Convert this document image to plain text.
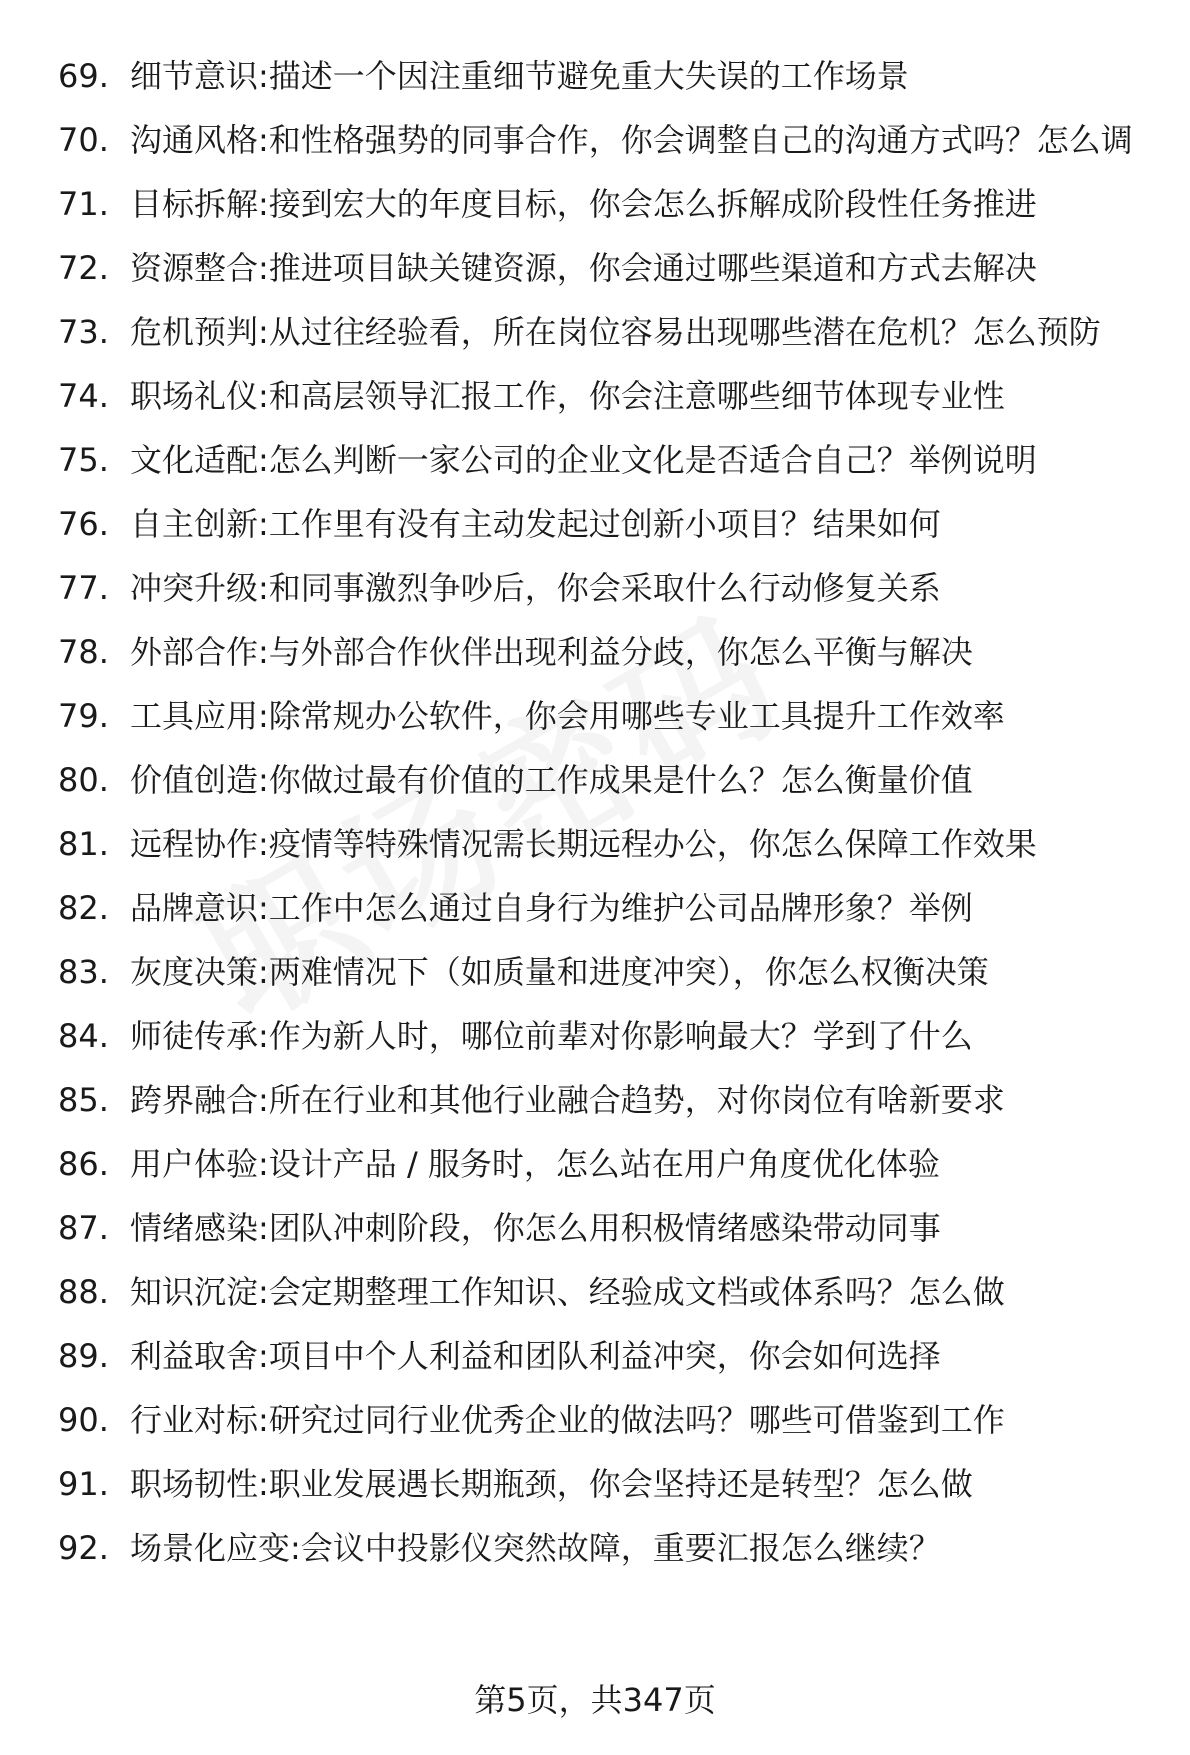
69. 细节意识:描述一个因注重细节避免重大失误的工作场景
70. 沟通风格:和性格强势的同事合作，你会调整自己的沟通方式吗？怎么调
71. 目标拆解:接到宏大的年度目标，你会怎么拆解成阶段性任务推进
72. 资源整合:推进项目缺关键资源，你会通过哪些渠道和方式去解决
73. 危机预判:从过往经验看，所在岗位容易出现哪些潜在危机？怎么预防
74. 职场礼仪:和高层领导汇报工作，你会注意哪些细节体现专业性
75. 文化适配:怎么判断一家公司的企业文化是否适合自己？举例说明
76. 自主创新:工作里有没有主动发起过创新小项目？结果如何
77. 冲突升级:和同事激烈争吵后，你会采取什么行动修复关系
78. 外部合作:与外部合作伙伴出现利益分歧，你怎么平衡与解决
79. 工具应用:除常规办公软件，你会用哪些专业工具提升工作效率
80. 价值创造:你做过最有价值的工作成果是什么？怎么衡量价值
81. 远程协作:疫情等特殊情况需长期远程办公，你怎么保障工作效果
82. 品牌意识:工作中怎么通过自身行为维护公司品牌形象？举例
83. 灰度决策:两难情况下（如质量和进度冲突），你怎么权衡决策
84. 师徒传承:作为新人时，哪位前辈对你影响最大？学到了什么
85. 跨界融合:所在行业和其他行业融合趋势，对你岗位有啥新要求
86. 用户体验:设计产品 / 服务时，怎么站在用户角度优化体验
87. 情绪感染:团队冲刺阶段，你怎么用积极情绪感染带动同事
88. 知识沉淀:会定期整理工作知识、经验成文档或体系吗？怎么做
89. 利益取舍:项目中个人利益和团队利益冲突，你会如何选择
90. 行业对标:研究过同行业优秀企业的做法吗？哪些可借鉴到工作
91. 职场韧性:职业发展遇长期瓶颈，你会坚持还是转型？怎么做
92. 场景化应变:会议中投影仪突然故障，重要汇报怎么继续？
第5页，共347页
